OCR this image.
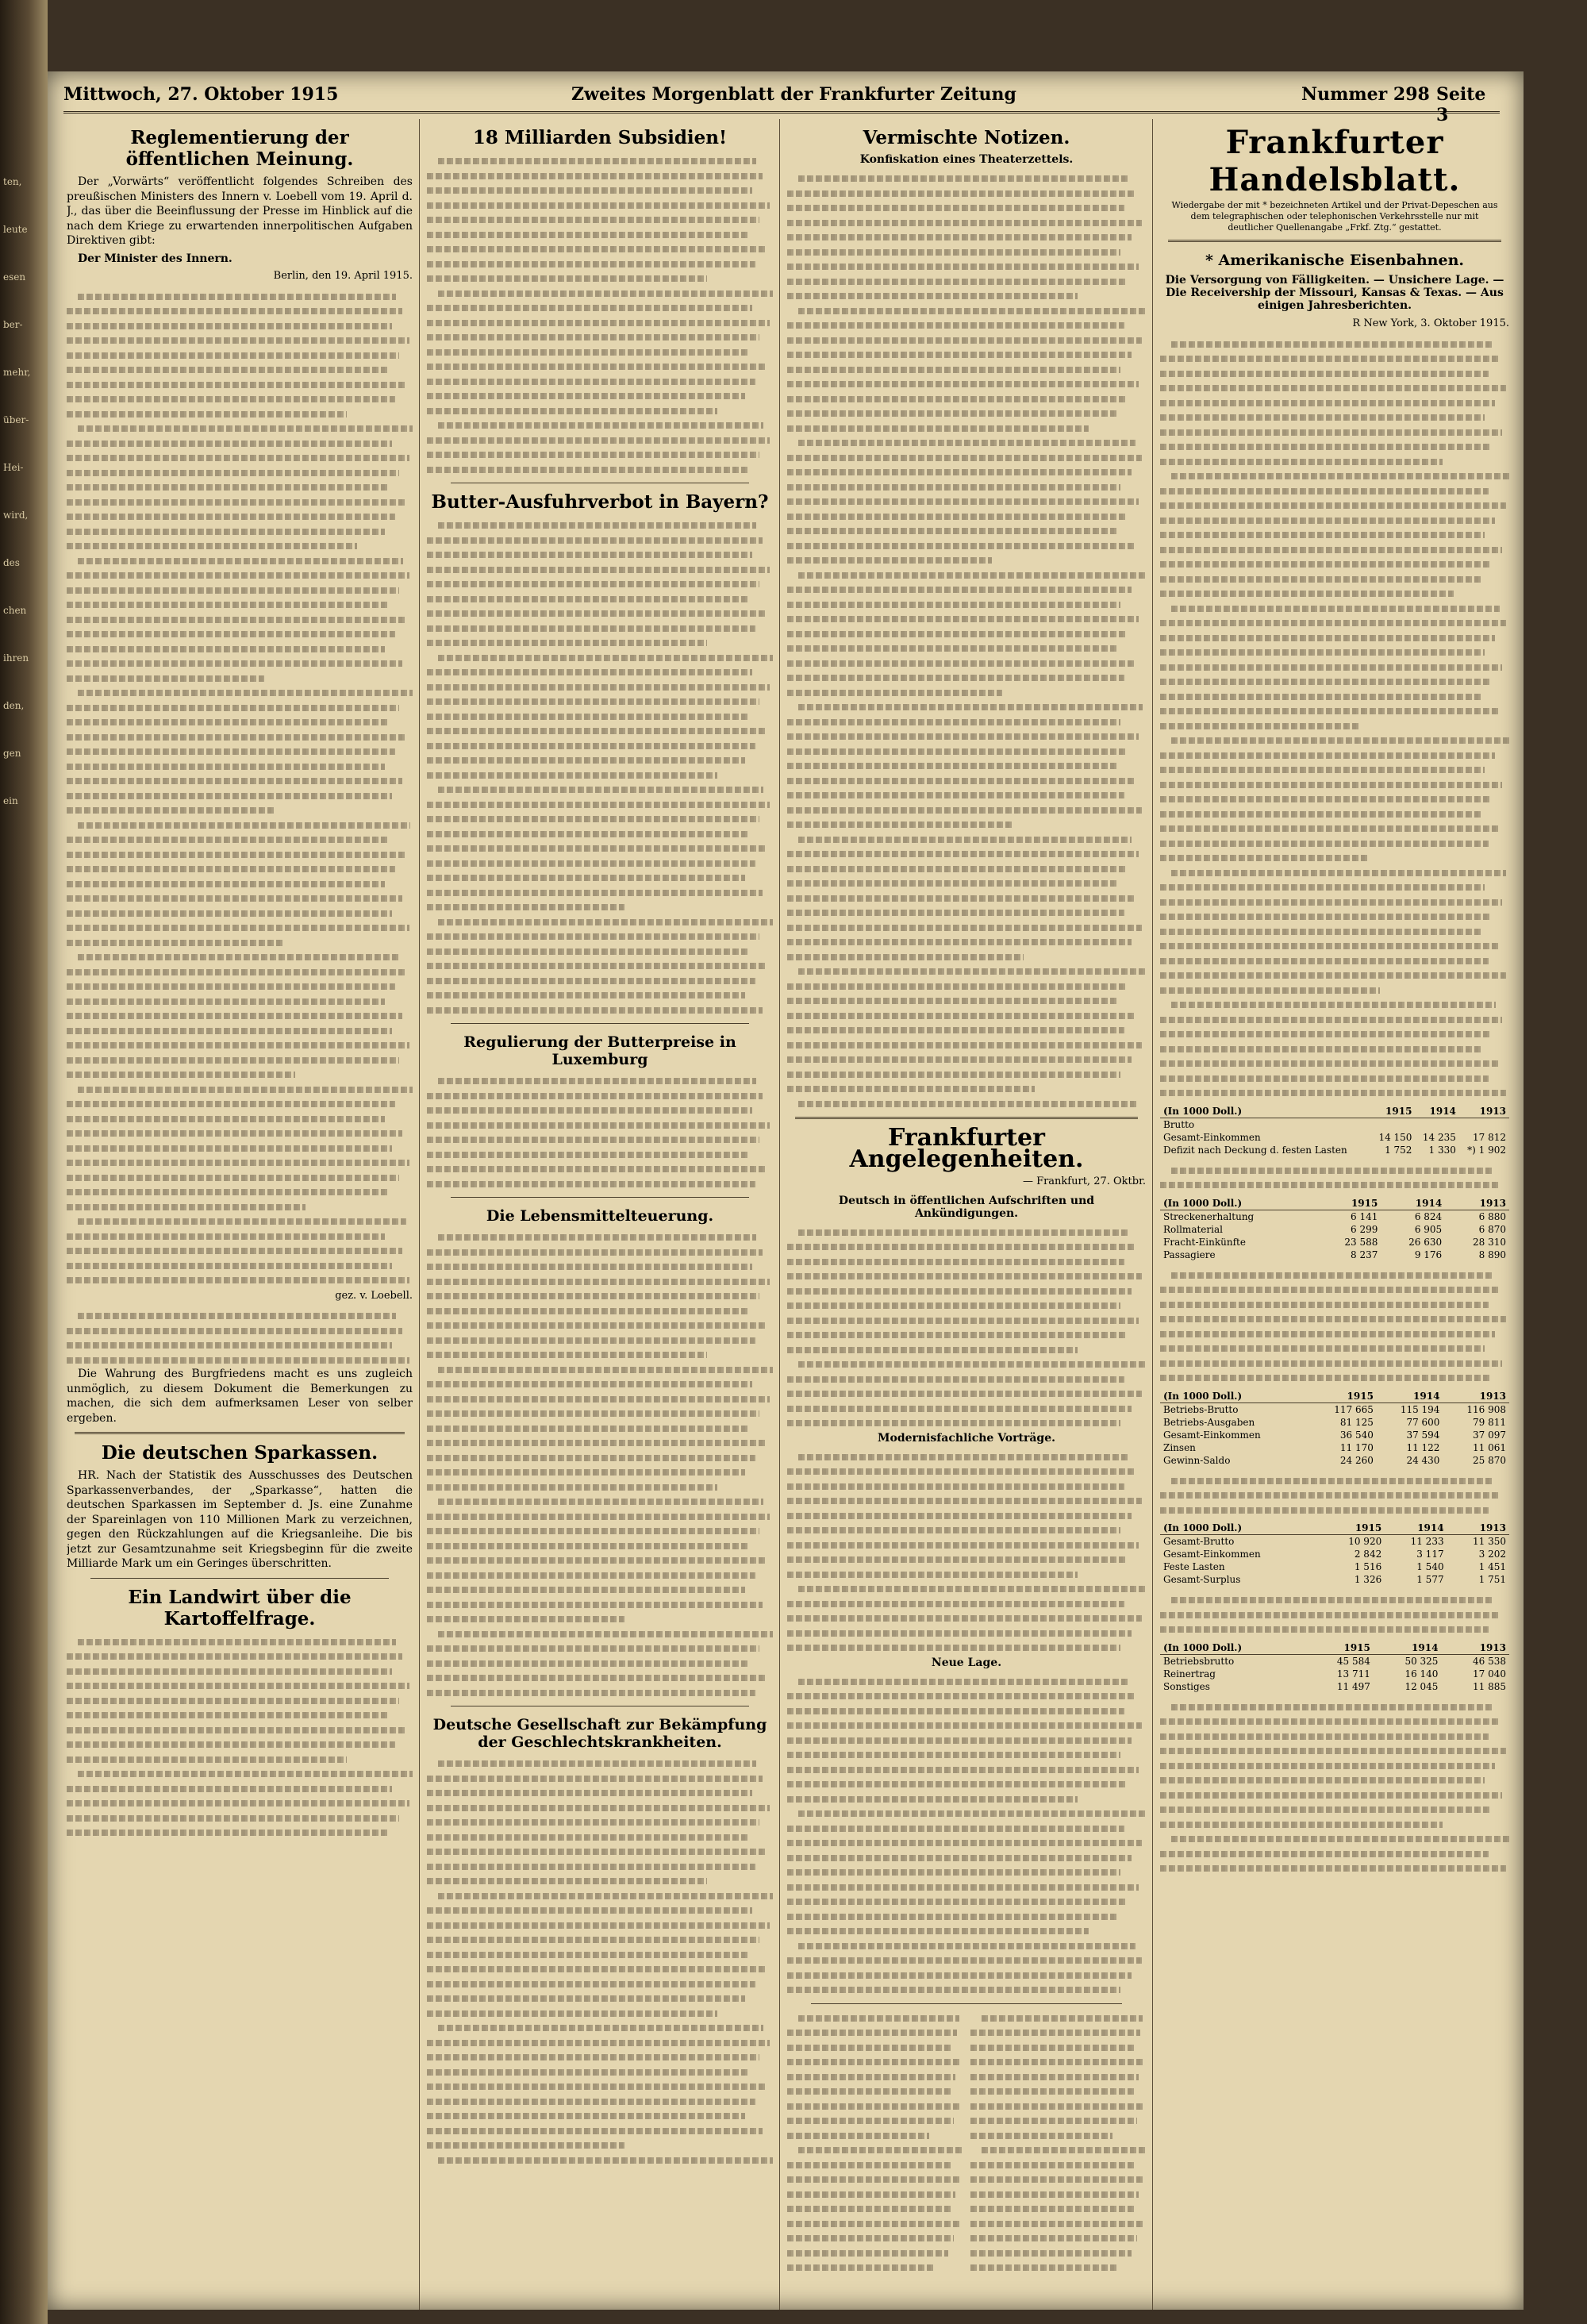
ten,
leute
esen
ber-
mehr,
über-
Hei-
wird,
des
chen
ihren
den,
gen
ein
Mittwoch, 27. Oktober 1915	Zweites Morgenblatt der Frankfurter Zeitung	Nummer 298 Seite 3
Reglementierung der öffentlichen Meinung.

Der „Vorwärts“ veröffentlicht folgendes Schreiben des preußischen Ministers des Innern v. Loebell vom 19. April d. J., das über die Beeinflussung der Presse im Hinblick auf die nach dem Kriege zu erwartenden innerpolitischen Aufgaben Direktiven gibt:

Der Minister des Innern.

Berlin, den 19. April 1915.

gez. v. Loebell.

Die Wahrung des Burgfriedens macht es uns zugleich unmöglich, zu diesem Dokument die Bemerkungen zu machen, die sich dem aufmerksamen Leser von selber ergeben.

Die deutschen Sparkassen.

HR. Nach der Statistik des Ausschusses des Deutschen Sparkassenverbandes, der „Sparkasse“, hatten die deutschen Sparkassen im September d. Js. eine Zunahme der Spareinlagen von 110 Millionen Mark zu verzeichnen, gegen den Rückzahlungen auf die Kriegsanleihe. Die bis jetzt zur Gesamtzunahme seit Kriegsbeginn für die zweite Milliarde Mark um ein Geringes überschritten.

Ein Landwirt über die Kartoffelfrage.
18 Milliarden Subsidien!
Butter-Ausfuhrverbot in Bayern?
Regulierung der Butterpreise in Luxemburg
Die Lebensmittelteuerung.
Deutsche Gesellschaft zur Bekämpfung der Geschlechtskrankheiten.
Vermischte Notizen.
Konfiskation eines Theaterzettels.
Frankfurter Angelegenheiten.

— Frankfurt, 27. Oktbr.

Deutsch in öffentlichen Aufschriften und Ankündigungen.
Modernisfachliche Vorträge.
Neue Lage.
Frankfurter Handelsblatt.
Wiedergabe der mit * bezeichneten Artikel und der Privat-Depeschen aus dem telegraphischen oder telephonischen Verkehrsstelle nur mit deutlicher Quellenangabe „Frkf. Ztg.“ gestattet.
* Amerikanische Eisenbahnen.
Die Versorgung von Fälligkeiten. — Unsichere Lage. — Die Receivership der Missouri, Kansas & Texas. — Aus einigen Jahresberichten.

R New York, 3. Oktober 1915.

(In 1000 Doll.)	1915	1914	1913
Brutto			
Gesamt-Einkommen	14 150	14 235	17 812
Defizit nach Deckung d. festen Lasten	1 752	1 330	*) 1 902
(In 1000 Doll.)	1915	1914	1913
Streckenerhaltung	6 141	6 824	6 880
Rollmaterial	6 299	6 905	6 870
Fracht-Einkünfte	23 588	26 630	28 310
Passagiere	8 237	9 176	8 890
(In 1000 Doll.)	1915	1914	1913
Betriebs-Brutto	117 665	115 194	116 908
Betriebs-Ausgaben	81 125	77 600	79 811
Gesamt-Einkommen	36 540	37 594	37 097
Zinsen	11 170	11 122	11 061
Gewinn-Saldo	24 260	24 430	25 870
(In 1000 Doll.)	1915	1914	1913
Gesamt-Brutto	10 920	11 233	11 350
Gesamt-Einkommen	2 842	3 117	3 202
Feste Lasten	1 516	1 540	1 451
Gesamt-Surplus	1 326	1 577	1 751
(In 1000 Doll.)	1915	1914	1913
Betriebsbrutto	45 584	50 325	46 538
Reinertrag	13 711	16 140	17 040
Sonstiges	11 497	12 045	11 885
